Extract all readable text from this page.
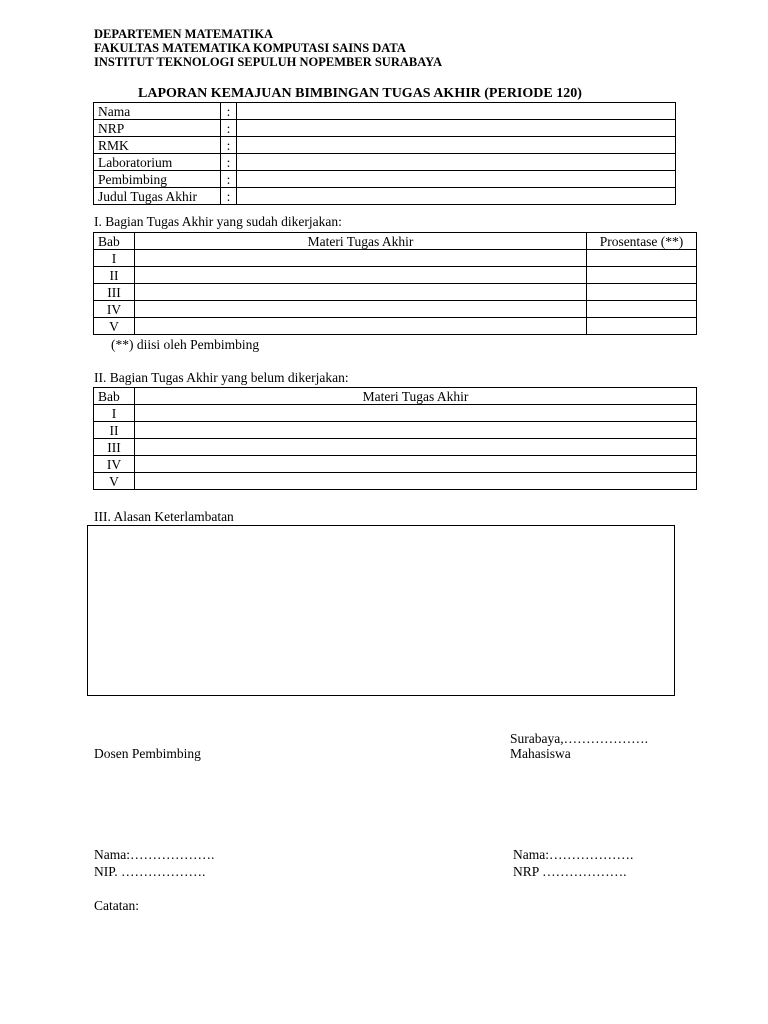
DEPARTEMEN MATEMATIKA
FAKULTAS MATEMATIKA KOMPUTASI SAINS DATA
INSTITUT TEKNOLOGI SEPULUH NOPEMBER SURABAYA
LAPORAN KEMAJUAN BIMBINGAN TUGAS AKHIR (PERIODE 120)
Nama	:	
NRP	:	
RMK	:	
Laboratorium	:	
Pembimbing	:	
Judul Tugas Akhir	:	
I. Bagian Tugas Akhir yang sudah dikerjakan:
Bab	Materi Tugas Akhir	Prosentase (**)
I		
II		
III		
IV		
V		
(**) diisi oleh Pembimbing
II. Bagian Tugas Akhir yang belum dikerjakan:
Bab	Materi Tugas Akhir
I	
II	
III	
IV	
V	
III. Alasan Keterlambatan
Surabaya,……………….
Dosen Pembimbing	Mahasiswa
Nama:……………….
NIP. ……………….
Nama:……………….
NRP ……………….
Catatan:
